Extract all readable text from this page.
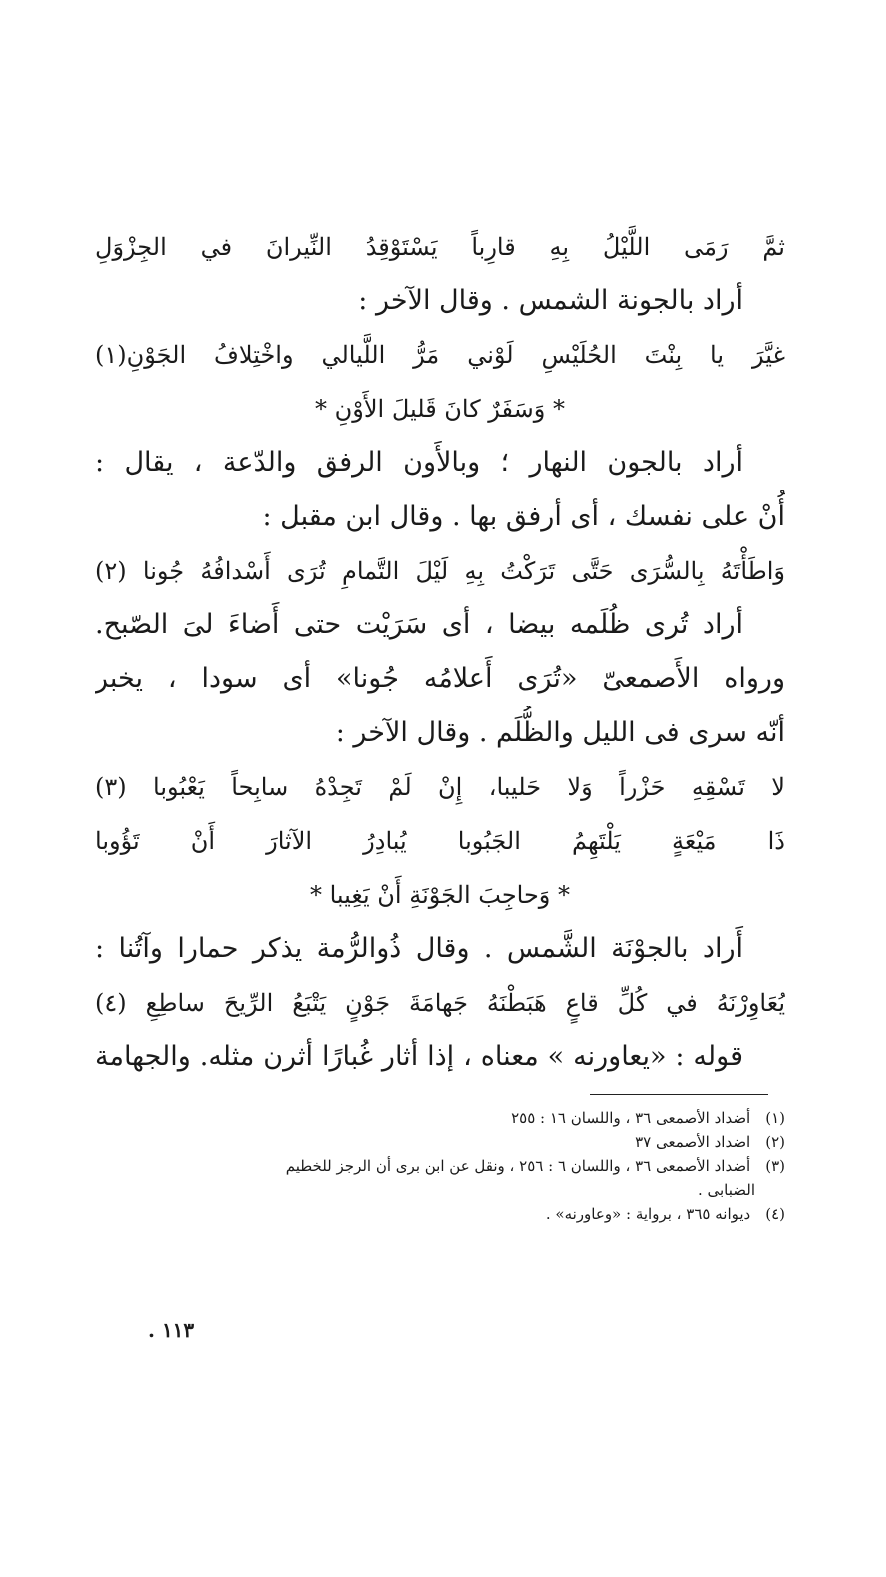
ثمَّ رَمَى اللَّيْلُ بِهِ قارِباً يَسْتَوْقِدُ النِّيرانَ في الجِزْوَلِ
أراد بالجونة الشمس . وقال الآخر :
غيَّرَ يا بِنْتَ الحُلَيْسِ لَوْني مَرُّ اللَّيالي واخْتِلافُ الجَوْنِ(١)
* وَسَفَرٌ كانَ قَليلَ الأَوْنِ *
أراد بالجون النهار ؛ وبالأَون الرفق والدّعة ، يقال :
أُنْ على نفسك ، أى أرفق بها . وقال ابن مقبل :
وَاطَأْتَهُ بِالسُّرَى حَتَّى تَرَكْتُ بِهِ لَيْلَ التَّمامِ تُرَى أَسْدافُهُ جُونا (٢)
أراد تُرى ظُلَمه بيضا ، أى سَرَيْت حتى أَضاءَ لىَ الصّبح.
ورواه الأَصمعىّ «تُرَى أَعلامُه جُونا» أى سودا ، يخبر
أنّه سرى فى الليل والظُّلَم . وقال الآخر :
لا تَسْقِهِ حَزْراً وَلا حَليبا، إِنْ لَمْ تَجِدْهُ سابِحاً يَعْبُوبا (٣)
ذَا مَيْعَةٍ يَلْتَهِمُ الجَبُوبا يُبادِرُ الآثارَ أَنْ تَؤُوبا
* وَحاجِبَ الجَوْنَةِ أَنْ يَغِيبا *
أَراد بالجوْنَة الشَّمس . وقال ذُوالرُّمة يذكر حمارا وآتُنا :
يُعَاوِرْنَهُ في كُلِّ قاعٍ هَبَطْنَهُ جَهامَةَ جَوْنٍ يَتْبَعُ الرِّيحَ ساطِعِ (٤)
قوله : «يعاورنه » معناه ، إذا أثار غُبارًا أثرن مثله. والجهامة
(١) أضداد الأصمعى ٣٦ ، واللسان ١٦ : ٢٥٥
(٢) اضداد الأصمعى ٣٧
(٣) أضداد الأصمعى ٣٦ ، واللسان ٦ : ٢٥٦ ، ونقل عن ابن برى أن الرجز للخطيم
الضبابى .
(٤) ديوانه ٣٦٥ ، برواية : «وعاورنه» .
١١٣ .
